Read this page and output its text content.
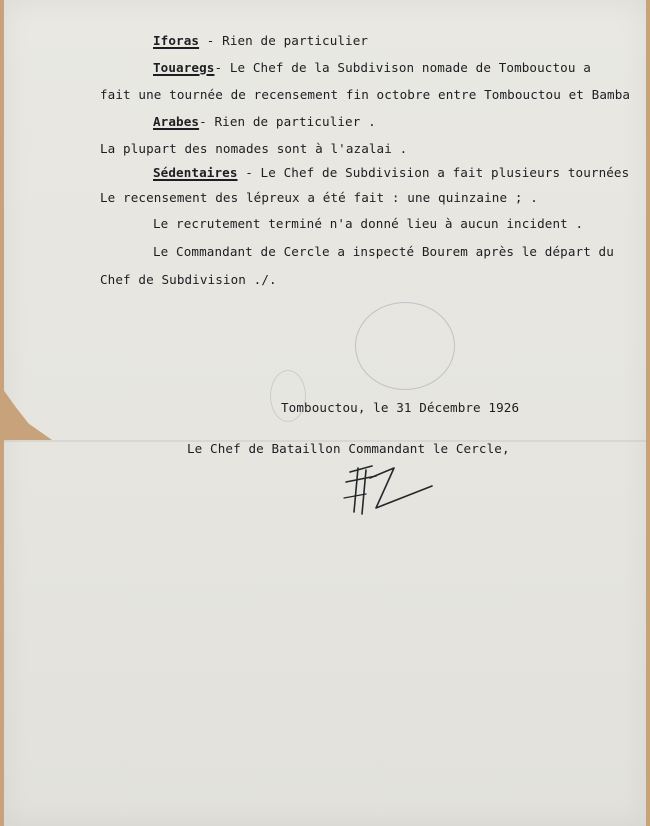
Iforas - Rien de particulier
Touaregs- Le Chef de la Subdivison nomade de Tombouctou a
fait une tournée de recensement fin octobre entre Tombouctou et Bamba
Arabes- Rien de particulier .
La plupart des nomades sont à l'azalai .
Sédentaires - Le Chef de Subdivision a fait plusieurs tournées
Le recensement des lépreux a été fait : une quinzaine ; .
Le recrutement terminé n'a donné lieu à aucun incident .
Le Commandant de Cercle a inspecté Bourem après le départ du
Chef de Subdivision ./.
Tombouctou, le 31 Décembre 1926
Le Chef de Bataillon Commandant le Cercle,
